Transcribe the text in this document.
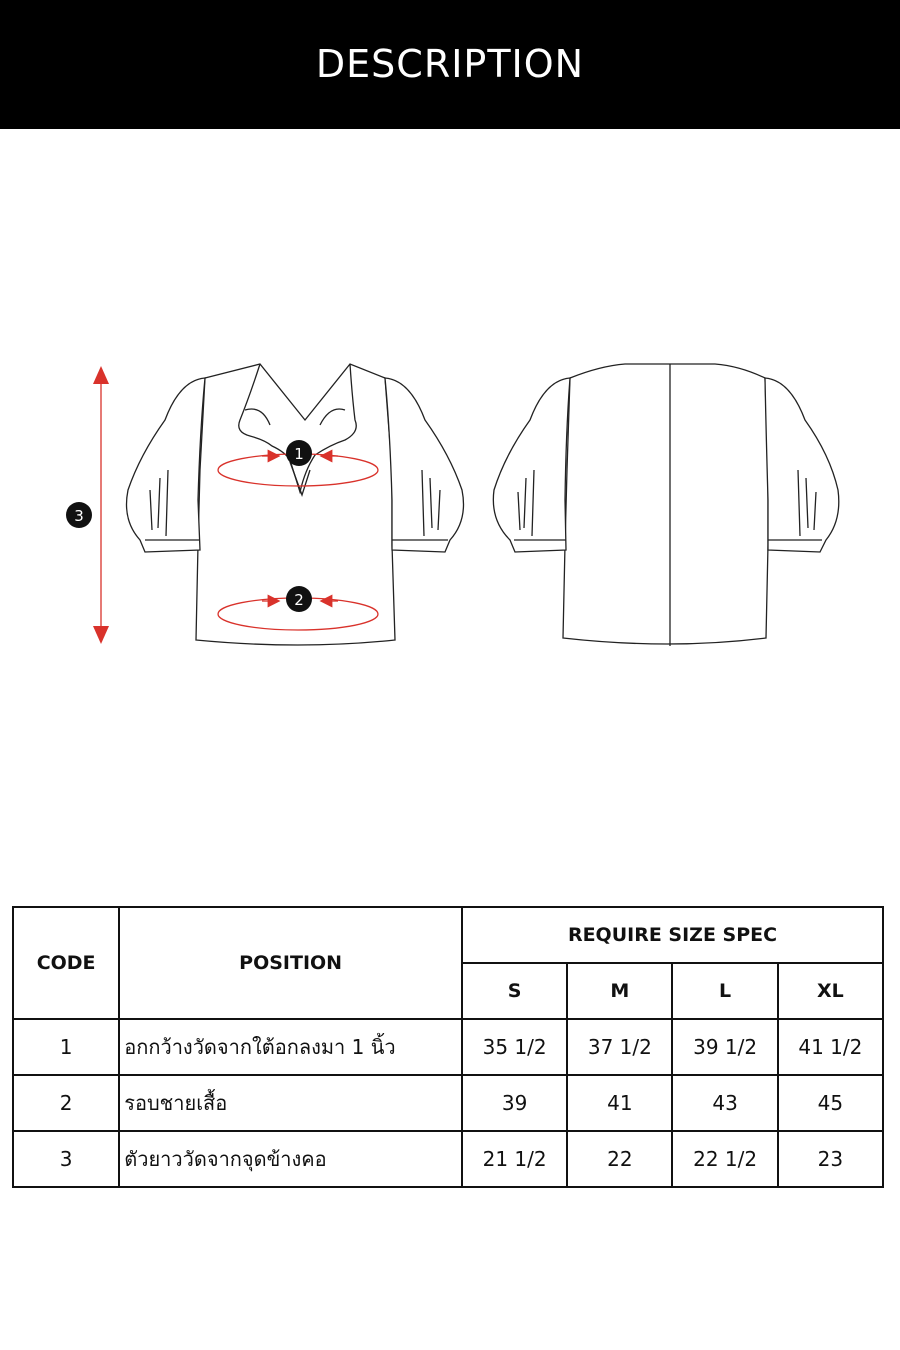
DESCRIPTION
1
2
3
CODE	POSITION	REQUIRE SIZE SPEC			
		S	M	L	XL
1	อกกว้างวัดจากใต้อกลงมา 1 นิ้ว	35 1/2	37 1/2	39 1/2	41 1/2
2	รอบชายเสื้อ	39	41	43	45
3	ตัวยาววัดจากจุดข้างคอ	21 1/2	22	22 1/2	23
